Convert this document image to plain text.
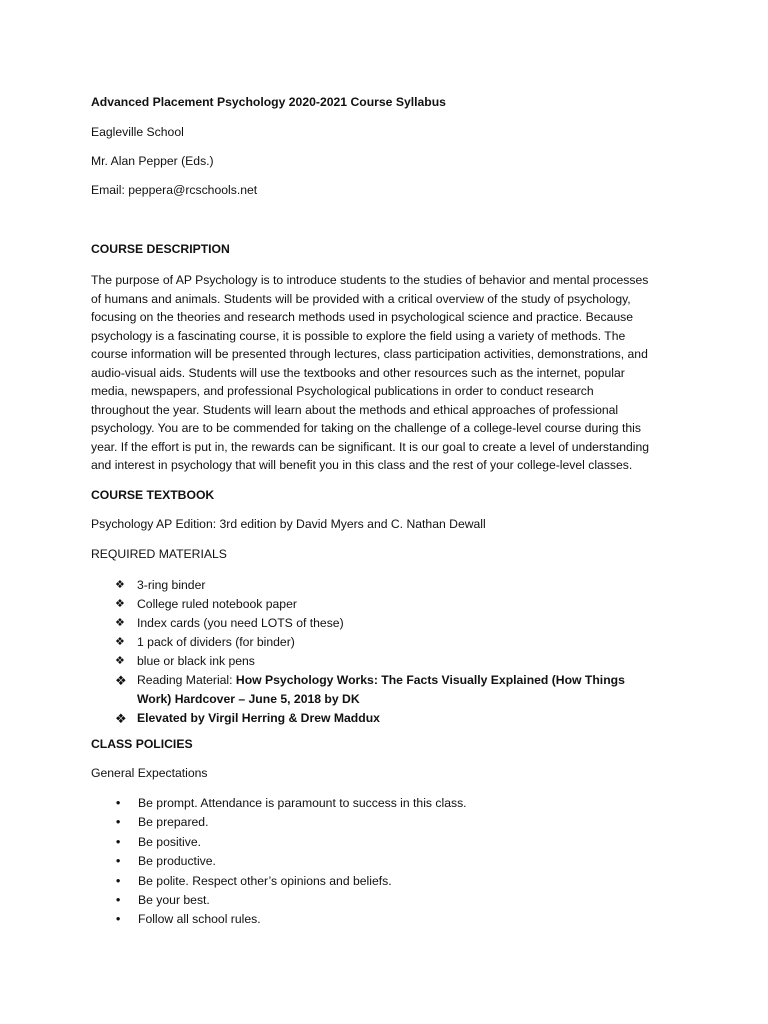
Advanced Placement Psychology 2020-2021 Course Syllabus
Eagleville School
Mr. Alan Pepper (Eds.)
Email: peppera@rcschools.net
COURSE DESCRIPTION

The purpose of AP Psychology is to introduce students to the studies of behavior and mental processes

of humans and animals. Students will be provided with a critical overview of the study of psychology,

focusing on the theories and research methods used in psychological science and practice. Because

psychology is a fascinating course, it is possible to explore the field using a variety of methods. The

course information will be presented through lectures, class participation activities, demonstrations, and

audio-visual aids. Students will use the textbooks and other resources such as the internet, popular

media, newspapers, and professional Psychological publications in order to conduct research

throughout the year. Students will learn about the methods and ethical approaches of professional

psychology. You are to be commended for taking on the challenge of a college-level course during this

year. If the effort is put in, the rewards can be significant. It is our goal to create a level of understanding

and interest in psychology that will benefit you in this class and the rest of your college-level classes.

COURSE TEXTBOOK
Psychology AP Edition: 3rd edition by David Myers and C. Nathan Dewall
REQUIRED MATERIALS
❖ 3-ring binder
❖ College ruled notebook paper
❖ Index cards (you need LOTS of these)
❖ 1 pack of dividers (for binder)
❖ blue or black ink pens
❖ Reading Material: How Psychology Works: The Facts Visually Explained (How Things
Work) Hardcover – June 5, 2018 by DK
❖ Elevated by Virgil Herring & Drew Maddux
CLASS POLICIES
General Expectations
• Be prompt. Attendance is paramount to success in this class.
• Be prepared.
• Be positive.
• Be productive.
• Be polite. Respect other’s opinions and beliefs.
• Be your best.
• Follow all school rules.
